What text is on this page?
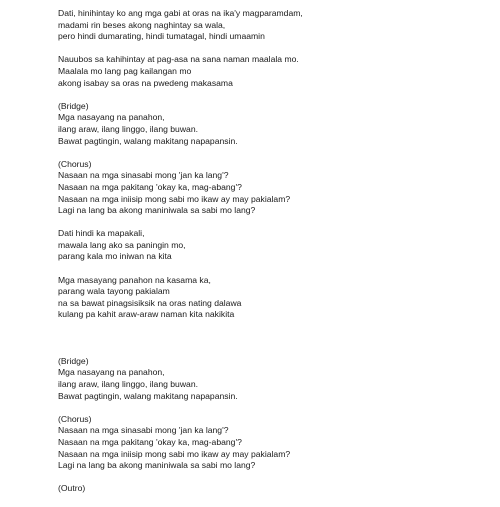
Dati, hinihintay ko ang mga gabi at oras na ika'y magparamdam,
madami rin beses akong naghintay sa wala,
pero hindi dumarating, hindi tumatagal, hindi umaamin
Nauubos sa kahihintay at pag-asa na sana naman maalala mo.
Maalala mo lang pag kailangan mo
akong isabay sa oras na pwedeng makasama
(Bridge)
Mga nasayang na panahon,
ilang araw, ilang linggo, ilang buwan.
Bawat pagtingin, walang makitang napapansin.
(Chorus)
Nasaan na mga sinasabi mong 'jan ka lang'?
Nasaan na mga pakitang 'okay ka, mag-abang'?
Nasaan na mga iniisip mong sabi mo ikaw ay may pakialam?
Lagi na lang ba akong maniniwala sa sabi mo lang?
Dati hindi ka mapakali,
mawala lang ako sa paningin mo,
parang kala mo iniwan na kita
Mga masayang panahon na kasama ka,
parang wala tayong pakialam
na sa bawat pinagsisiksik na oras nating dalawa
kulang pa kahit araw-araw naman kita nakikita
(Bridge)
Mga nasayang na panahon,
ilang araw, ilang linggo, ilang buwan.
Bawat pagtingin, walang makitang napapansin.
(Chorus)
Nasaan na mga sinasabi mong 'jan ka lang'?
Nasaan na mga pakitang 'okay ka, mag-abang'?
Nasaan na mga iniisip mong sabi mo ikaw ay may pakialam?
Lagi na lang ba akong maniniwala sa sabi mo lang?
(Outro)
